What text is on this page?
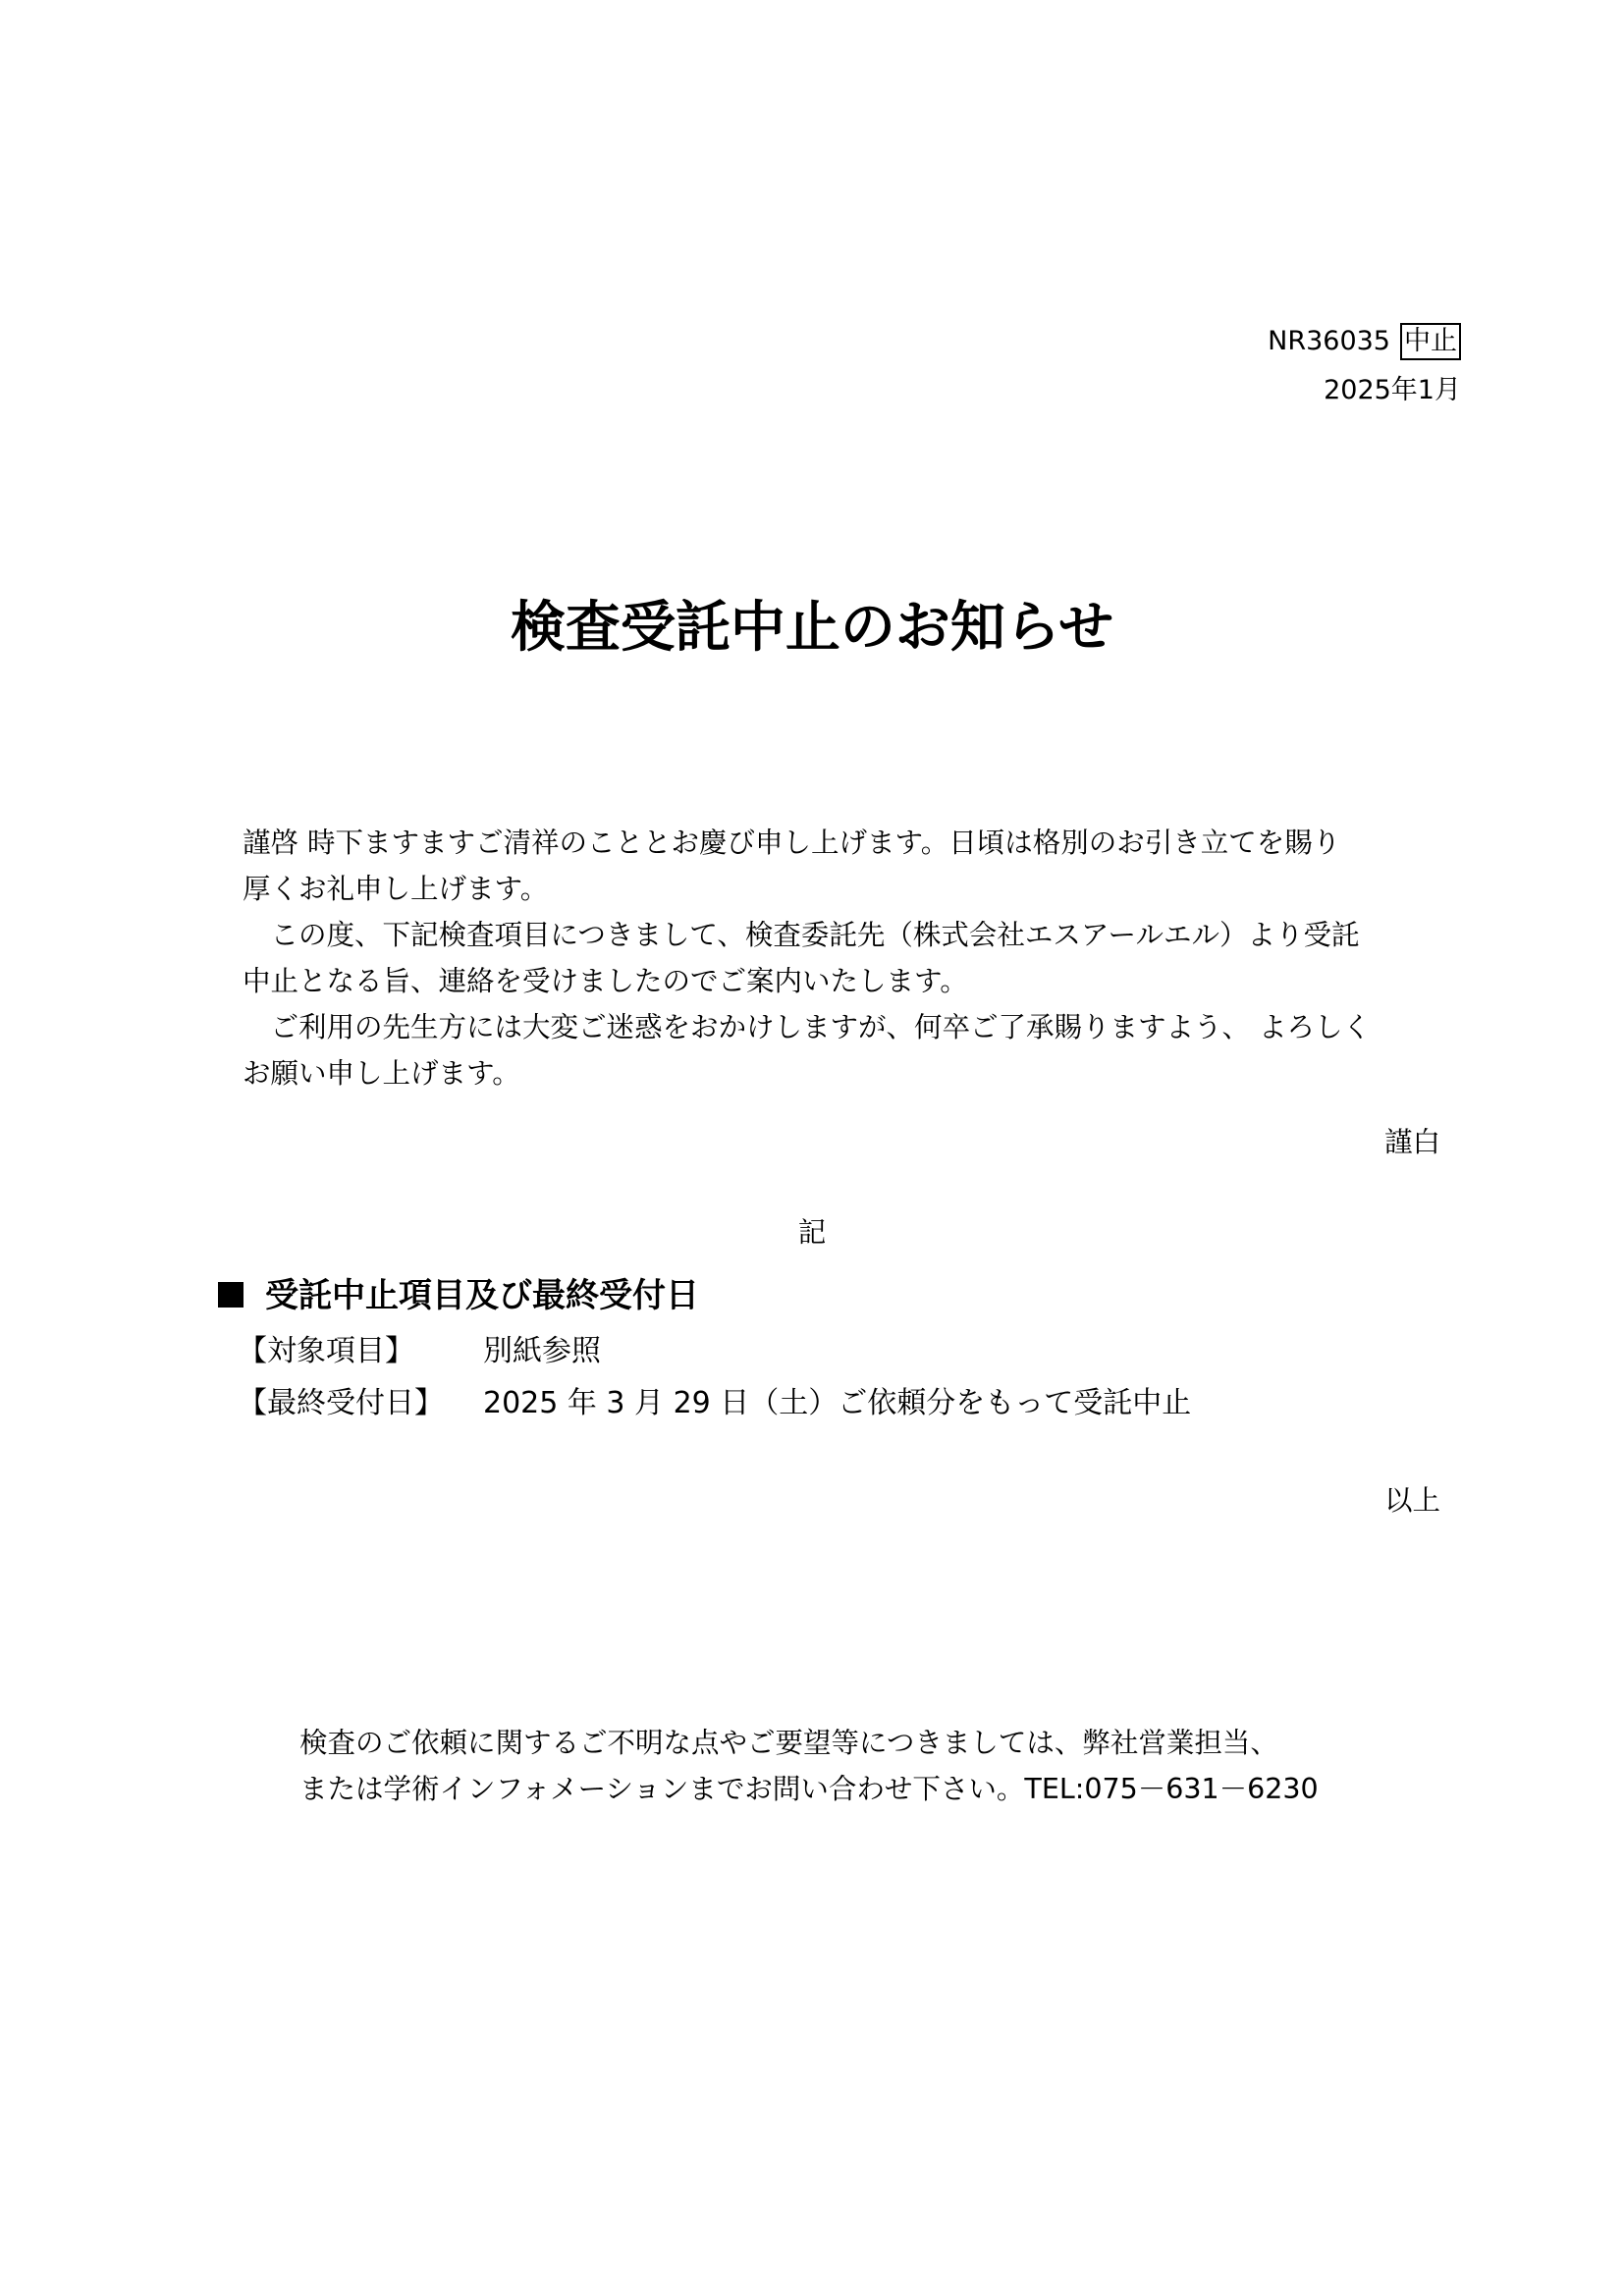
NR36035 中止
2025年1月
検査受託中止のお知らせ

謹啓 時下ますますご清祥のこととお慶び申し上げます。日頃は格別のお引き立てを賜り

厚くお礼申し上げます。

　この度、下記検査項目につきまして、検査委託先（株式会社エスアールエル）より受託

中止となる旨、連絡を受けましたのでご案内いたします。

　ご利用の先生方には大変ご迷惑をおかけしますが、何卒ご了承賜りますよう、 よろしく

お願い申し上げます。

謹白
記
受託中止項目及び最終受付日
【対象項目】 別紙参照
【最終受付日】 2025 年 3 月 29 日（土）ご依頼分をもって受託中止
以上

検査のご依頼に関するご不明な点やご要望等につきましては、弊社営業担当、

または学術インフォメーションまでお問い合わせ下さい。TEL:075－631－6230
